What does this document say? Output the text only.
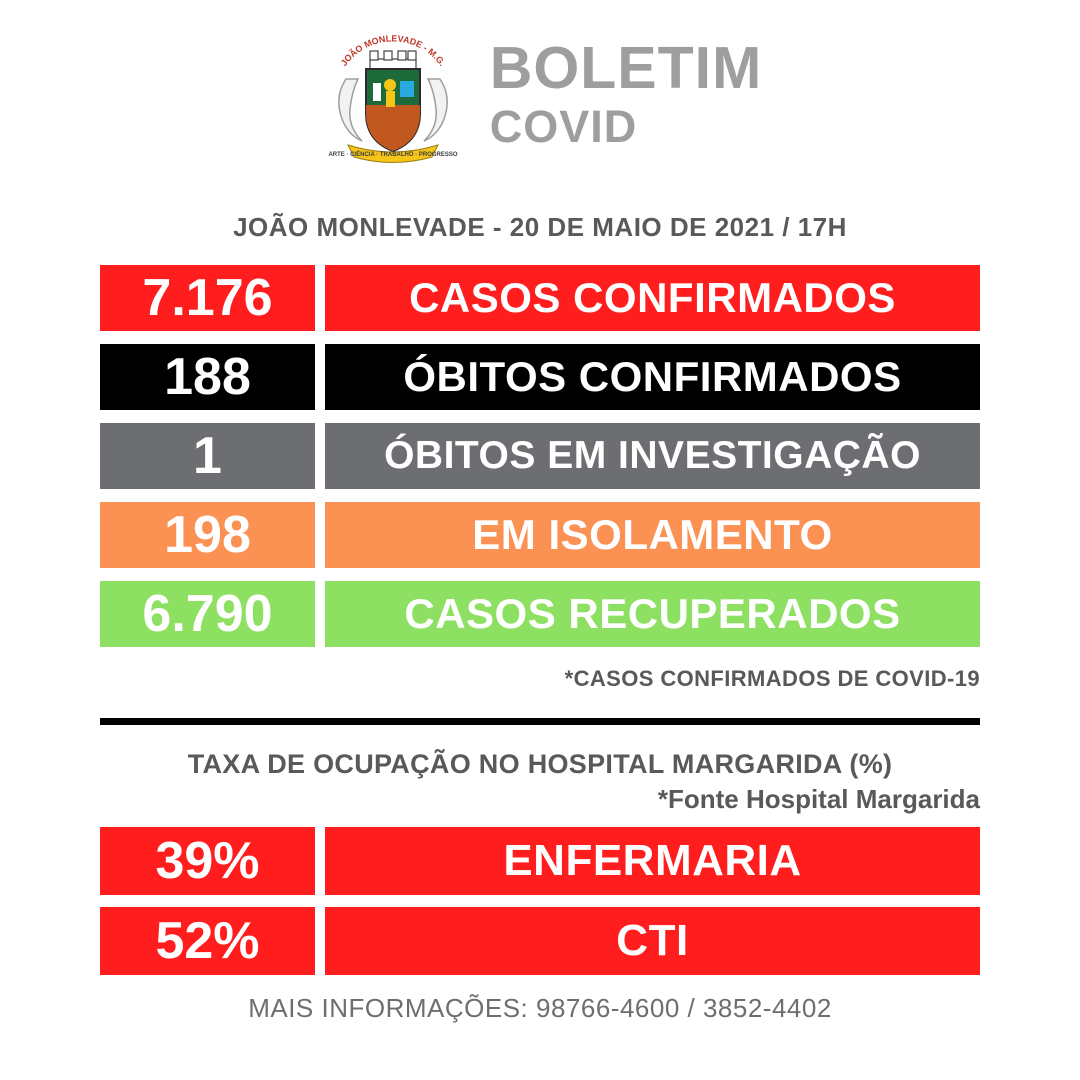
JOÃO MONLEVADE - M.G.
ARTE · CIÊNCIA · TRABALHO · PROGRESSO
BOLETIM
COVID
JOÃO MONLEVADE - 20 DE MAIO DE 2021 / 17H
7.176	CASOS CONFIRMADOS
188	ÓBITOS CONFIRMADOS
1	ÓBITOS EM INVESTIGAÇÃO
198	EM ISOLAMENTO
6.790	CASOS RECUPERADOS
*CASOS CONFIRMADOS DE COVID-19
TAXA DE OCUPAÇÃO NO HOSPITAL MARGARIDA (%)
*Fonte Hospital Margarida
39%	ENFERMARIA
52%	CTI
MAIS INFORMAÇÕES: 98766-4600 / 3852-4402
